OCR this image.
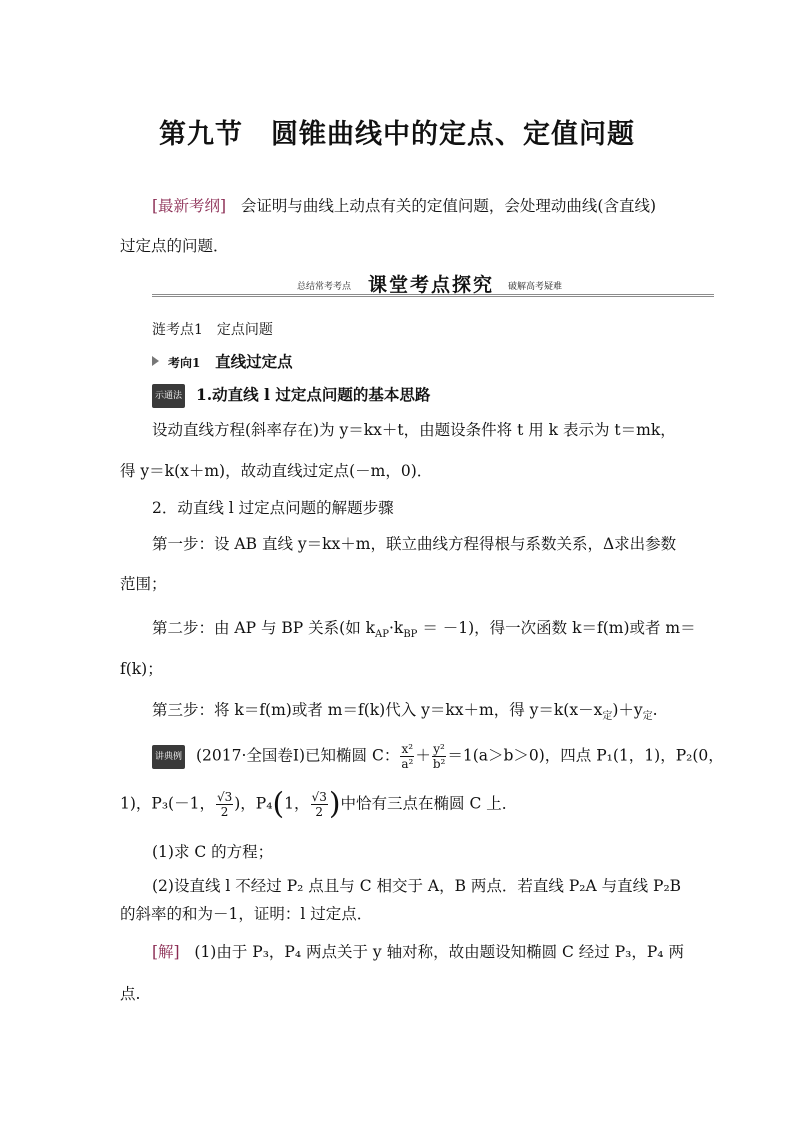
第九节　圆锥曲线中的定点、定值问题
[最新考纲] 会证明与曲线上动点有关的定值问题，会处理动曲线(含直线)
过定点的问题．
总结常考考点 课堂考点探究 破解高考疑难
涟考点1　定点问题
考向1 直线过定点
示通法 1.动直线 l 过定点问题的基本思路
设动直线方程(斜率存在)为 y＝kx＋t，由题设条件将 t 用 k 表示为 t＝mk，
得 y＝k(x＋m)，故动直线过定点(－m，0)．
2．动直线 l 过定点问题的解题步骤
第一步：设 AB 直线 y＝kx＋m，联立曲线方程得根与系数关系，Δ求出参数
范围；
第二步：由 AP 与 BP 关系(如 $k_{AP}\cdot k_{BP} = -1$)，得一次函数 k＝f(m)或者 m＝
f(k)；
第三步：将 k＝f(m)或者 m＝f(k)代入 y＝kx＋m，得 $y=k(x-x_定)+y_定$.
讲典例 (2017·全国卷Ⅰ)已知椭圆 C： $\frac{\text{x²}}{\text{a²}} + \frac{\text{y²}}{\text{b²}} =1(a>b>0)$，四点 P₁(1，1)，P₂(0，
1)，P₃(－1， $\frac{√3}{2}$ )，P₄(1， $\frac{√3}{2}$ )中恰有三点在椭圆 C 上．
(1)求 C 的方程；
(2)设直线 l 不经过 P₂ 点且与 C 相交于 A，B 两点．若直线 P₂A 与直线 P₂B
的斜率的和为－1，证明：l 过定点．
[解] (1)由于 P₃，P₄ 两点关于 y 轴对称，故由题设知椭圆 C 经过 P₃，P₄ 两
点.
